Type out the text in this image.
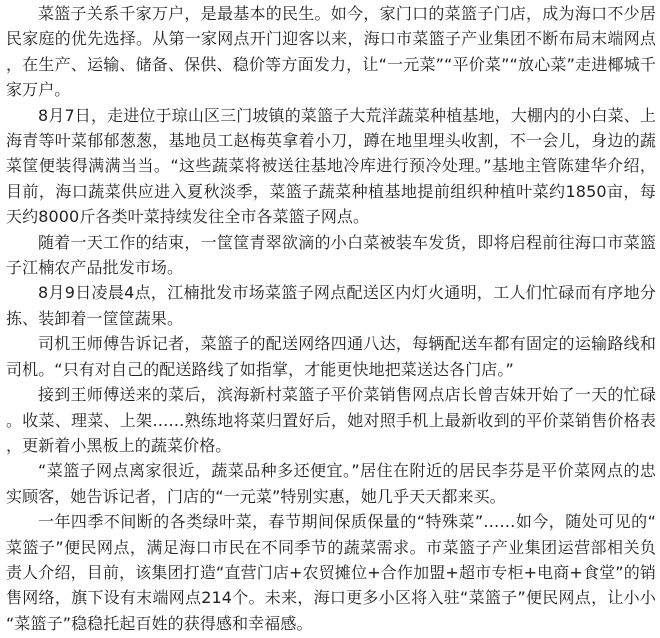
菜篮子关系千家万户，是最基本的民生。如今，家门口的菜篮子门店，成为海口不少居民家庭的优先选择。从第一家网点开门迎客以来，海口市菜篮子产业集团不断布局末端网点，在生产、运输、储备、保供、稳价等方面发力，让“一元菜”“平价菜”“放心菜”走进椰城千家万户。

8月7日，走进位于琼山区三门坡镇的菜篮子大荒洋蔬菜种植基地，大棚内的小白菜、上海青等叶菜郁郁葱葱，基地员工赵梅英拿着小刀，蹲在地里埋头收割，不一会儿，身边的蔬菜筐便装得满满当当。“这些蔬菜将被送往基地冷库进行预冷处理。”基地主管陈建华介绍，目前，海口蔬菜供应进入夏秋淡季，菜篮子蔬菜种植基地提前组织种植叶菜约1850亩，每天约8000斤各类叶菜持续发往全市各菜篮子网点。

随着一天工作的结束，一筐筐青翠欲滴的小白菜被装车发货，即将启程前往海口市菜篮子江楠农产品批发市场。

8月9日凌晨4点，江楠批发市场菜篮子网点配送区内灯火通明，工人们忙碌而有序地分拣、装卸着一筐筐蔬果。

司机王师傅告诉记者，菜篮子的配送网络四通八达，每辆配送车都有固定的运输路线和司机。“只有对自己的配送路线了如指掌，才能更快地把菜送达各门店。”

接到王师傅送来的菜后，滨海新村菜篮子平价菜销售网点店长曾吉妹开始了一天的忙碌。收菜、理菜、上架……熟练地将菜归置好后，她对照手机上最新收到的平价菜销售价格表，更新着小黑板上的蔬菜价格。

“菜篮子网点离家很近，蔬菜品种多还便宜。”居住在附近的居民李芬是平价菜网点的忠实顾客，她告诉记者，门店的“一元菜”特别实惠，她几乎天天都来买。

一年四季不间断的各类绿叶菜，春节期间保质保量的“特殊菜”……如今，随处可见的“菜篮子”便民网点，满足海口市民在不同季节的蔬菜需求。市菜篮子产业集团运营部相关负责人介绍，目前，该集团打造“直营门店+农贸摊位+合作加盟+超市专柜+电商+食堂”的销售网络，旗下设有末端网点214个。未来，海口更多小区将入驻“菜篮子”便民网点，让小小“菜篮子”稳稳托起百姓的获得感和幸福感。
